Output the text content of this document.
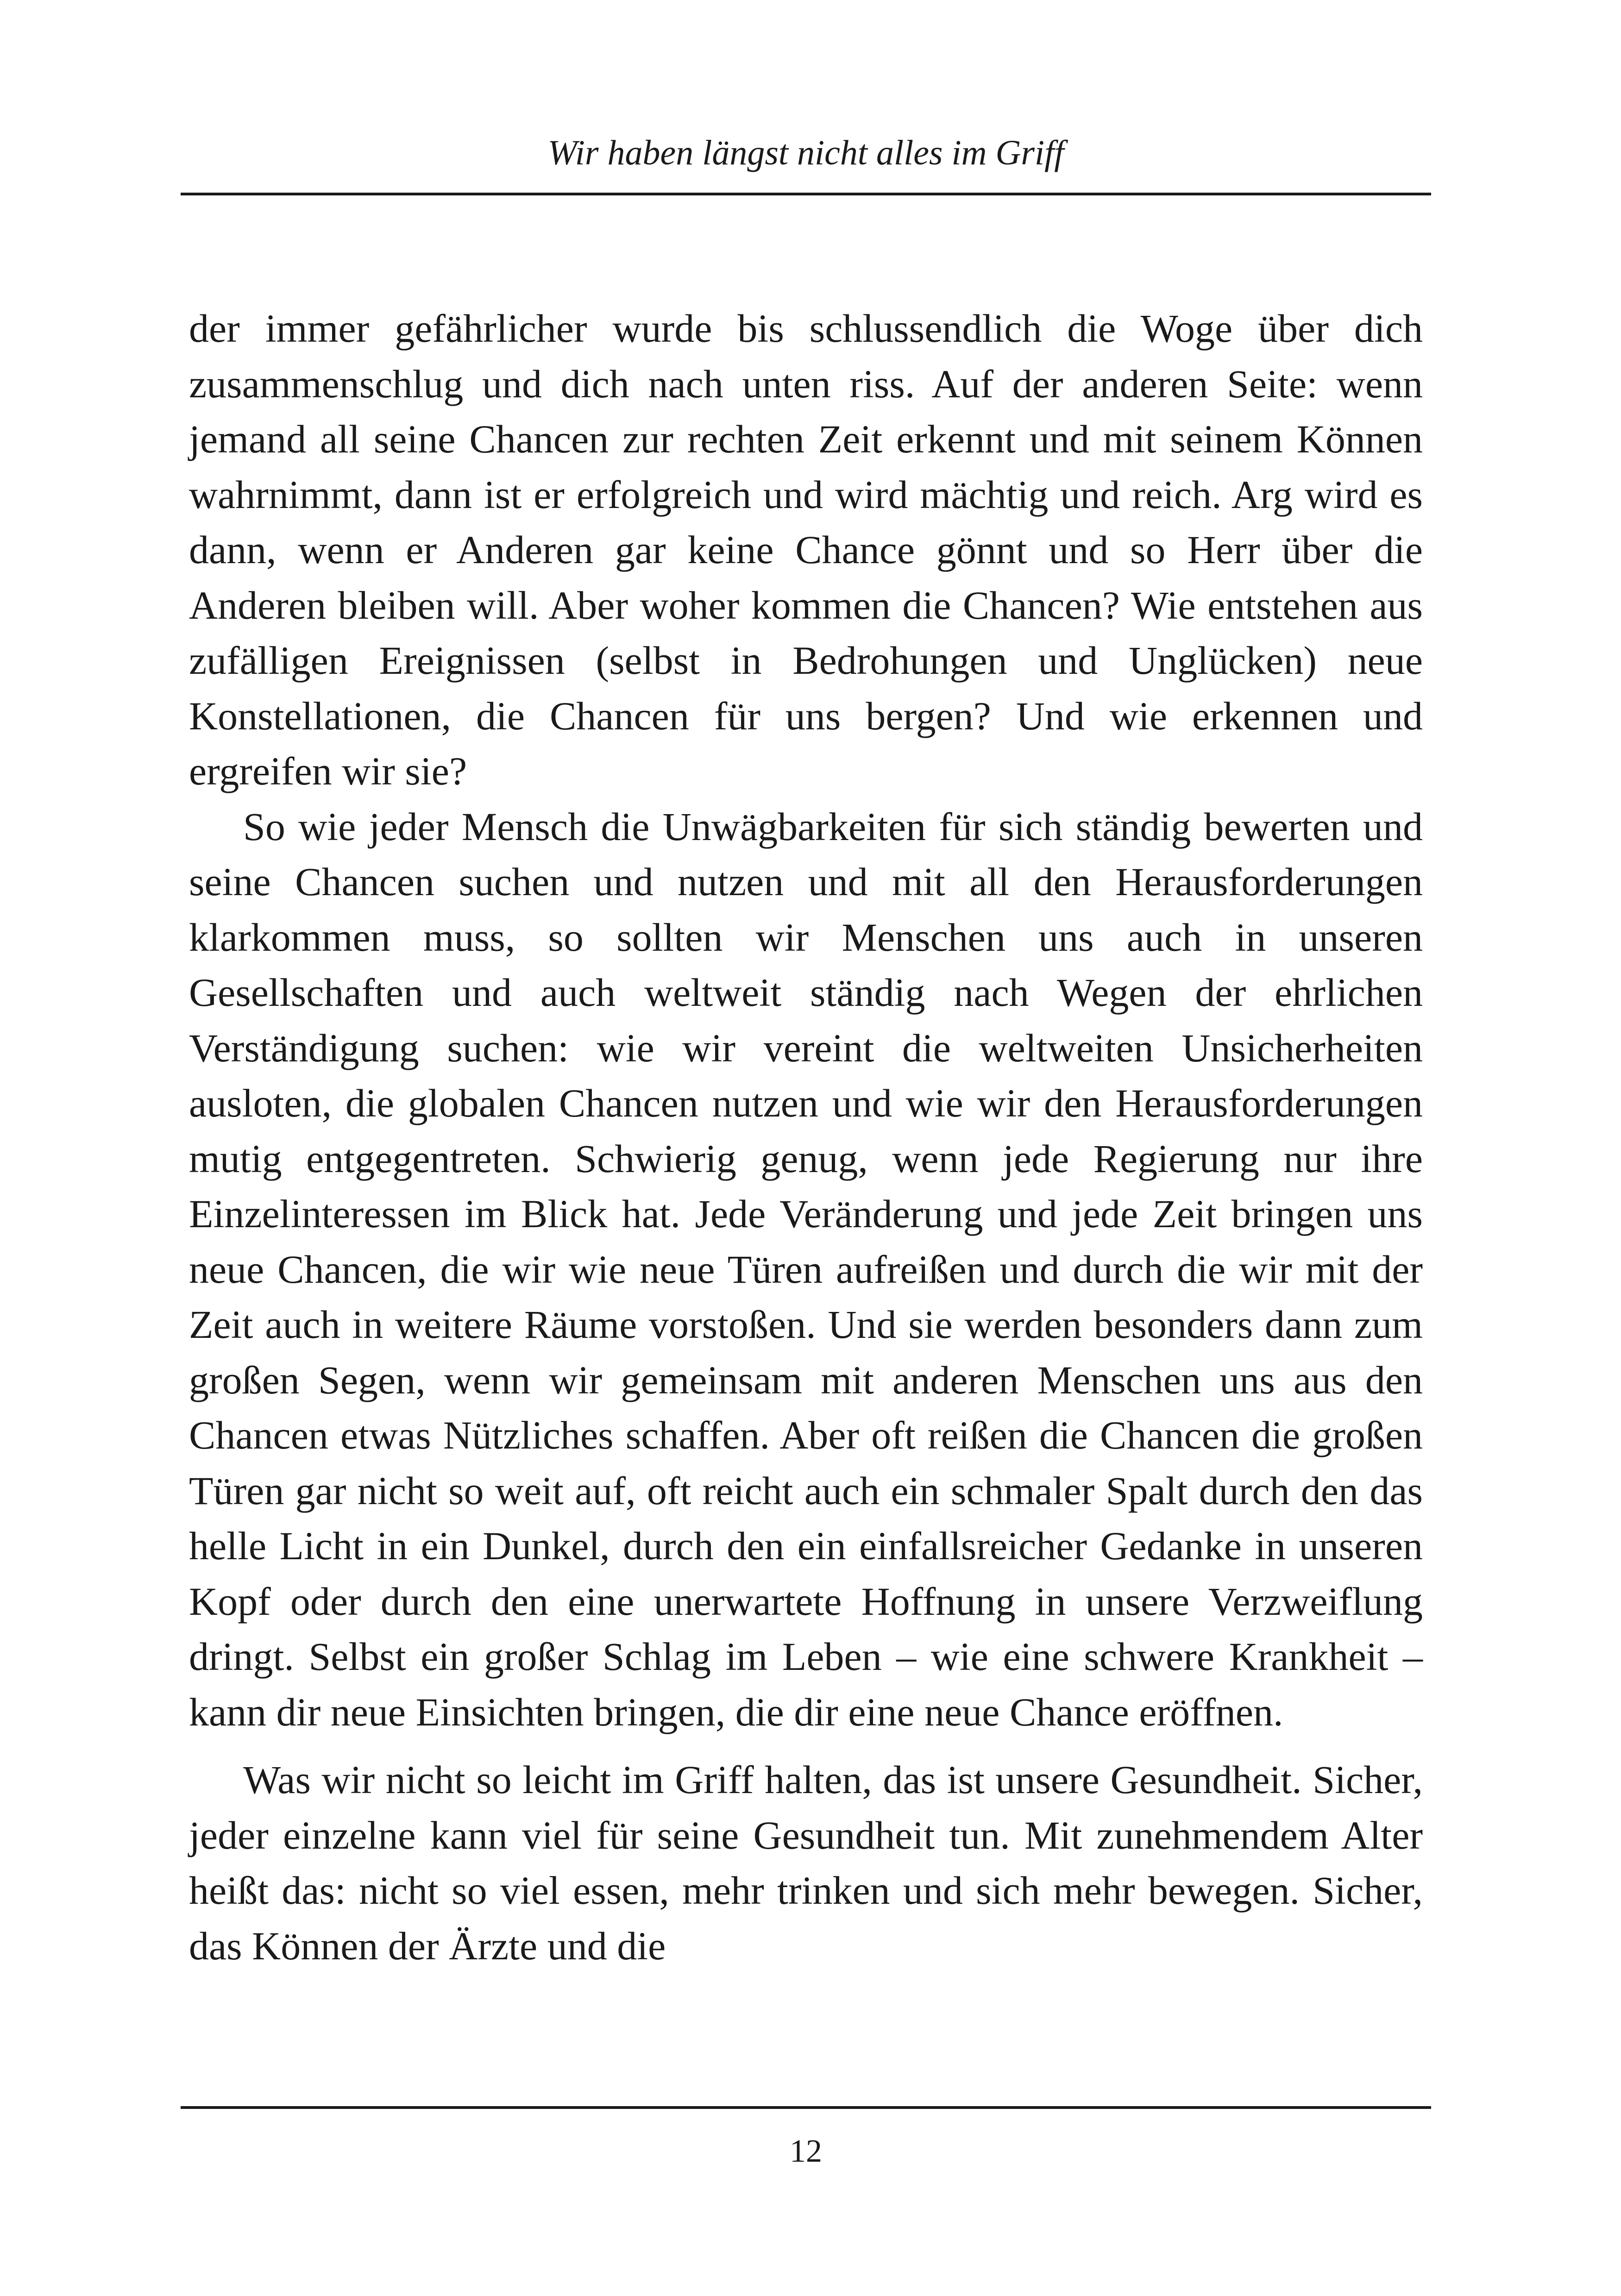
Wir haben längst nicht alles im Griff

der immer gefährlicher wurde bis schlussendlich die Woge über dich zusammenschlug und dich nach unten riss. Auf der anderen Seite: wenn jemand all seine Chancen zur rechten Zeit erkennt und mit seinem Können wahrnimmt, dann ist er erfolgreich und wird mächtig und reich. Arg wird es dann, wenn er Anderen gar keine Chance gönnt und so Herr über die Anderen bleiben will. Aber woher kommen die Chancen? Wie entstehen aus zufälligen Ereignissen (selbst in Bedrohungen und Unglücken) neue Konstellationen, die Chancen für uns bergen? Und wie erkennen und ergreifen wir sie?

So wie jeder Mensch die Unwägbarkeiten für sich ständig bewerten und seine Chancen suchen und nutzen und mit all den Herausforderungen klarkommen muss, so sollten wir Menschen uns auch in unseren Gesellschaften und auch weltweit ständig nach Wegen der ehrlichen Verständigung suchen: wie wir vereint die weltweiten Unsicherheiten ausloten, die globalen Chancen nutzen und wie wir den Herausforderungen mutig entgegentreten. Schwierig genug, wenn jede Regierung nur ihre Einzelinteressen im Blick hat. Jede Veränderung und jede Zeit bringen uns neue Chancen, die wir wie neue Türen aufreißen und durch die wir mit der Zeit auch in weitere Räume vorstoßen. Und sie werden besonders dann zum großen Segen, wenn wir gemeinsam mit anderen Menschen uns aus den Chancen etwas Nützliches schaffen. Aber oft reißen die Chancen die großen Türen gar nicht so weit auf, oft reicht auch ein schmaler Spalt durch den das helle Licht in ein Dunkel, durch den ein einfallsreicher Gedanke in unseren Kopf oder durch den eine unerwartete Hoffnung in unsere Verzweiflung dringt. Selbst ein großer Schlag im Leben – wie eine schwere Krankheit – kann dir neue Einsichten bringen, die dir eine neue Chance eröffnen.

Was wir nicht so leicht im Griff halten, das ist unsere Gesundheit. Sicher, jeder einzelne kann viel für seine Gesundheit tun. Mit zunehmendem Alter heißt das: nicht so viel essen, mehr trinken und sich mehr bewegen. Sicher, das Können der Ärzte und die

12
